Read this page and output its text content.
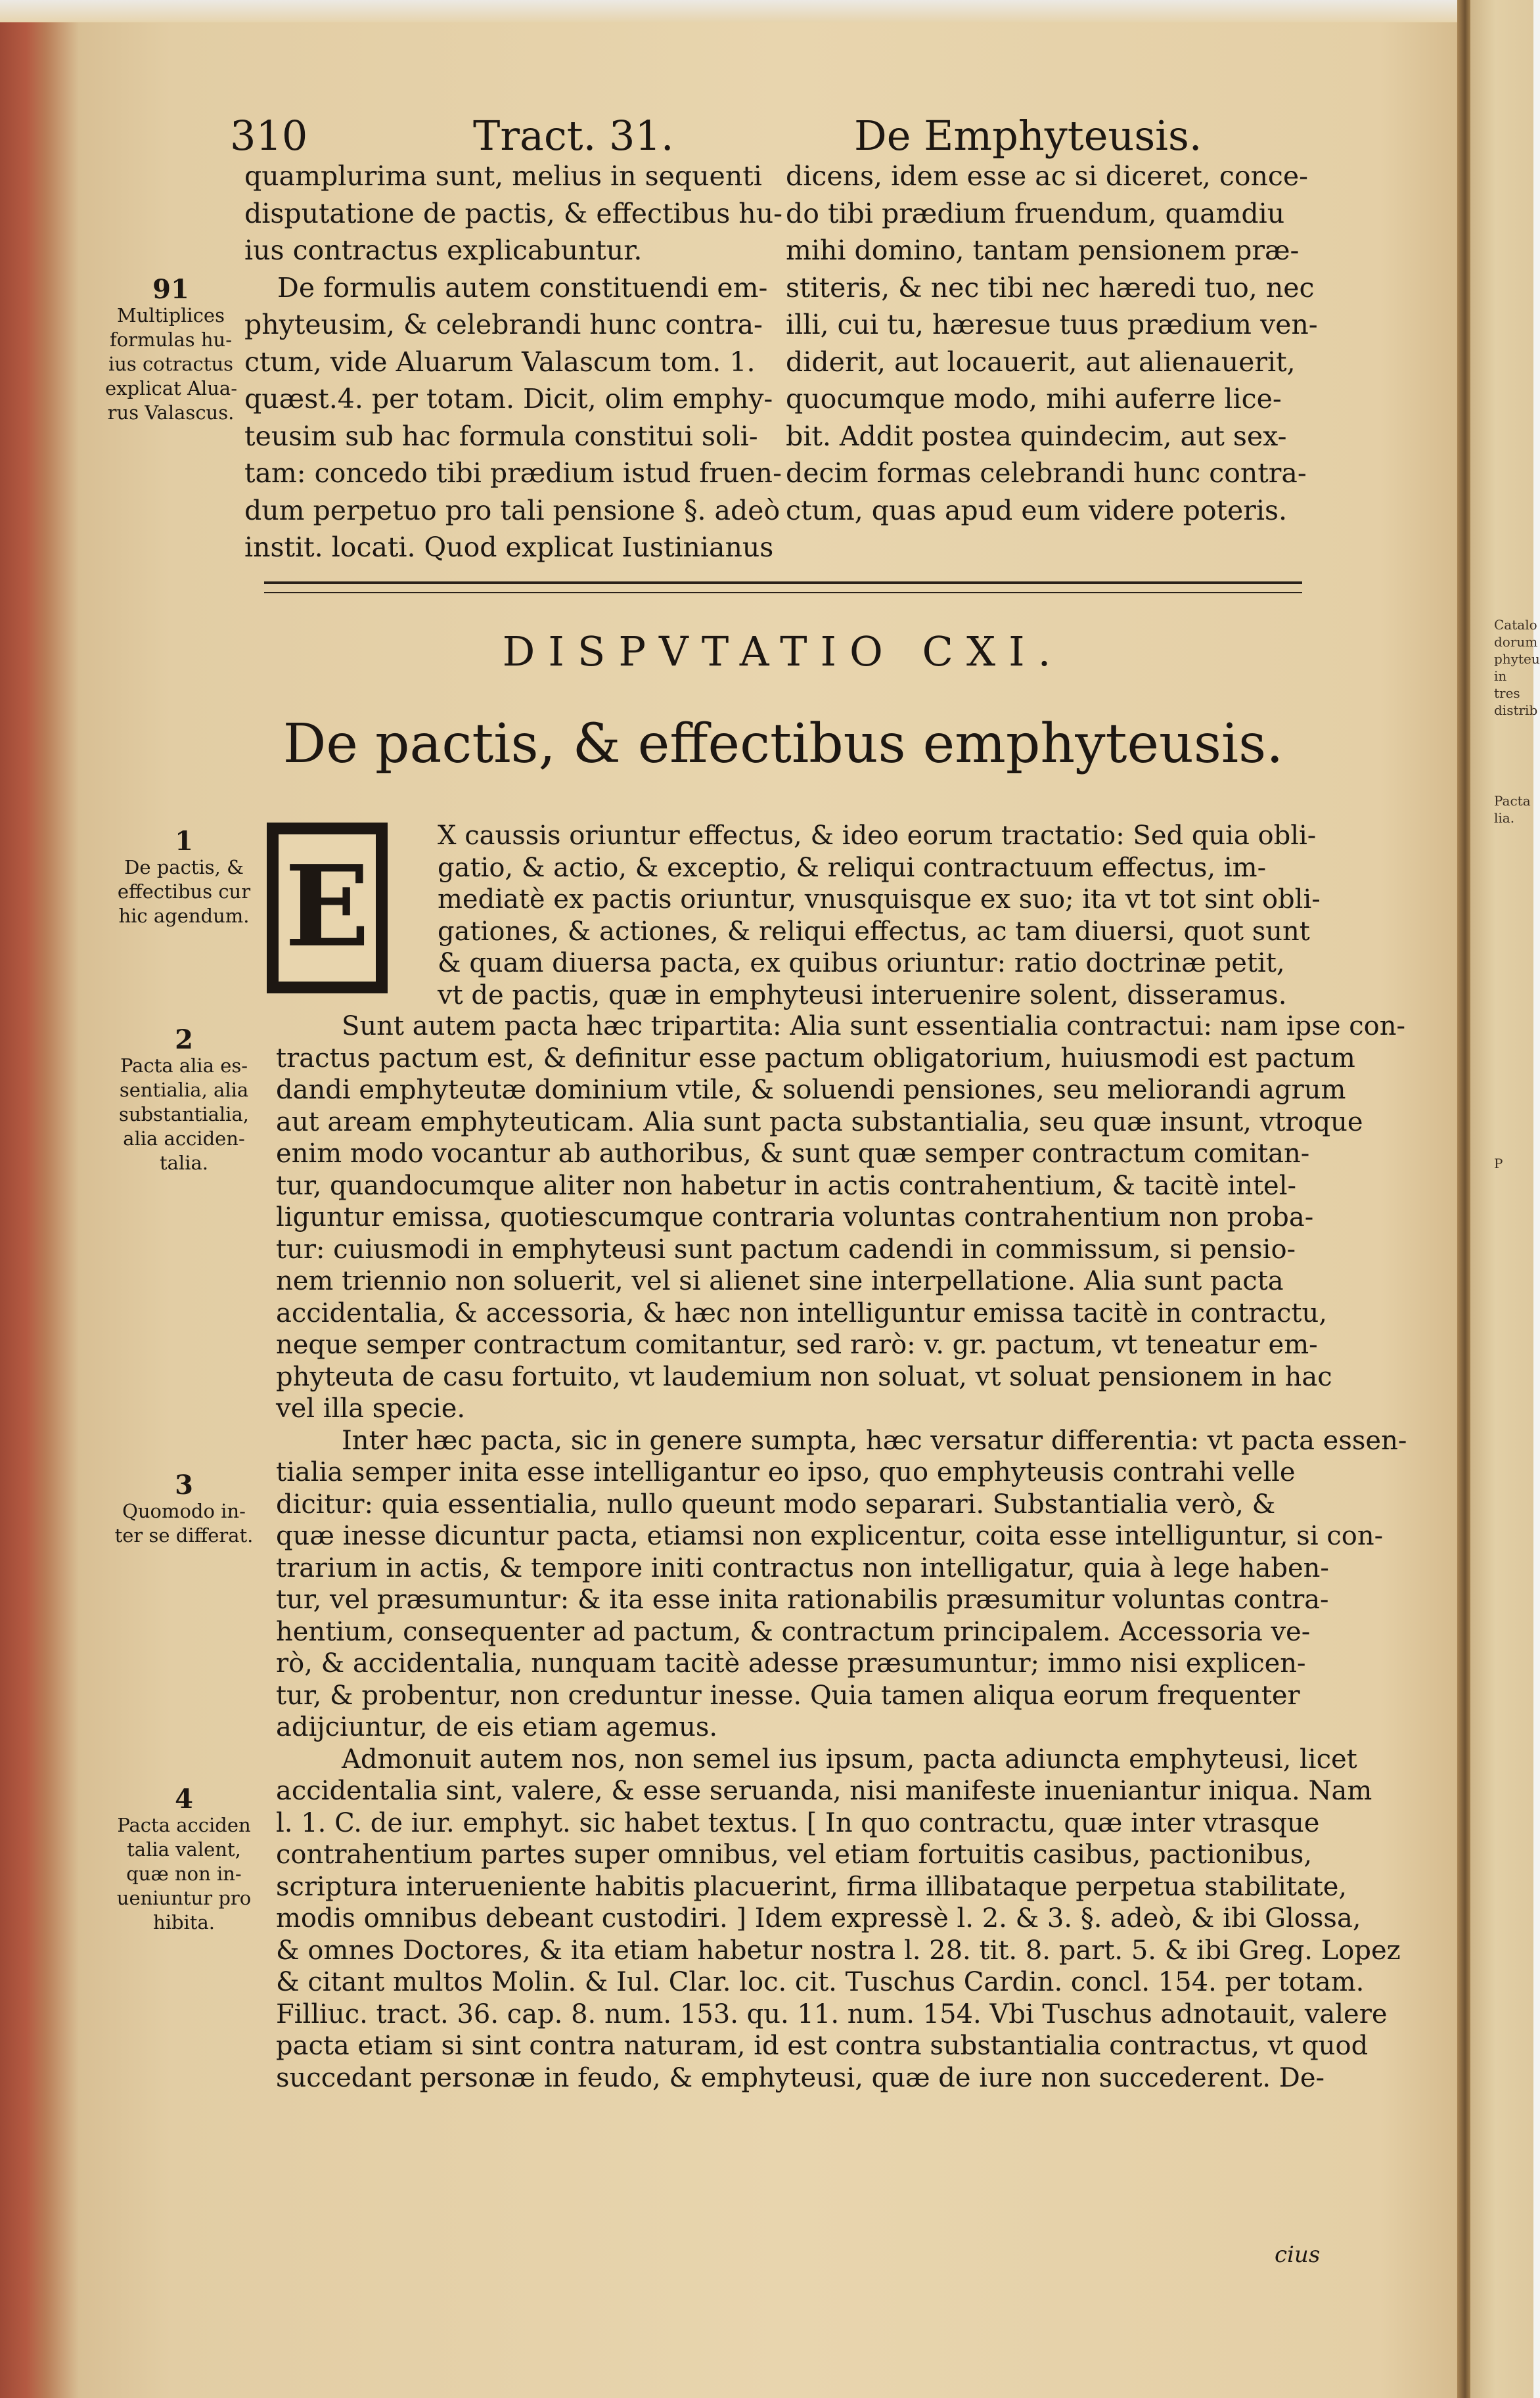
Catalo
dorum
phyteu
in tres
distrib
Pacta
lia.
P
310	Tract. 31.	De Emphyteusis.
quamplurima sunt, melius in sequenti
disputatione de pactis, & effectibus hu-
ius contractus explicabuntur.
De formulis autem constituendi em-
phyteusim, & celebrandi hunc contra-
ctum, vide Aluarum Valascum tom. 1.
quæst.4. per totam. Dicit, olim emphy-
teusim sub hac formula constitui soli-
tam: concedo tibi prædium istud fruen-
dum perpetuo pro tali pensione §. adeò
instit. locati. Quod explicat Iustinianus
dicens, idem esse ac si diceret, conce-
do tibi prædium fruendum, quamdiu
mihi domino, tantam pensionem præ-
stiteris, & nec tibi nec hæredi tuo, nec
illi, cui tu, hæresue tuus prædium ven-
diderit, aut locauerit, aut alienauerit,
quocumque modo, mihi auferre lice-
bit. Addit postea quindecim, aut sex-
decim formas celebrandi hunc contra-
ctum, quas apud eum videre poteris.
91
Multiplices
formulas hu-
ius cotractus
explicat Alua-
rus Valascus.
DISPVTATIO CXI.
De pactis, & effectibus emphyteusis.
1
De pactis, &
effectibus cur
hic agendum.
2
Pacta alia es-
sentialia, alia
substantialia,
alia acciden-
talia.
3
Quomodo in-
ter se differat.
4
Pacta acciden
talia valent,
quæ non in-
ueniuntur pro
hibita.
E
X caussis oriuntur effectus, & ideo eorum tractatio: Sed quia obli-
gatio, & actio, & exceptio, & reliqui contractuum effectus, im-
mediatè ex pactis oriuntur, vnusquisque ex suo; ita vt tot sint obli-
gationes, & actiones, & reliqui effectus, ac tam diuersi, quot sunt
& quam diuersa pacta, ex quibus oriuntur: ratio doctrinæ petit,
vt de pactis, quæ in emphyteusi interuenire solent, disseramus.
Sunt autem pacta hæc tripartita: Alia sunt essentialia contractui: nam ipse con-
tractus pactum est, & definitur esse pactum obligatorium, huiusmodi est pactum
dandi emphyteutæ dominium vtile, & soluendi pensiones, seu meliorandi agrum
aut aream emphyteuticam. Alia sunt pacta substantialia, seu quæ insunt, vtroque
enim modo vocantur ab authoribus, & sunt quæ semper contractum comitan-
tur, quandocumque aliter non habetur in actis contrahentium, & tacitè intel-
liguntur emissa, quotiescumque contraria voluntas contrahentium non proba-
tur: cuiusmodi in emphyteusi sunt pactum cadendi in commissum, si pensio-
nem triennio non soluerit, vel si alienet sine interpellatione. Alia sunt pacta
accidentalia, & accessoria, & hæc non intelliguntur emissa tacitè in contractu,
neque semper contractum comitantur, sed rarò: v. gr. pactum, vt teneatur em-
phyteuta de casu fortuito, vt laudemium non soluat, vt soluat pensionem in hac
vel illa specie.
Inter hæc pacta, sic in genere sumpta, hæc versatur differentia: vt pacta essen-
tialia semper inita esse intelligantur eo ipso, quo emphyteusis contrahi velle
dicitur: quia essentialia, nullo queunt modo separari. Substantialia verò, &
quæ inesse dicuntur pacta, etiamsi non explicentur, coita esse intelliguntur, si con-
trarium in actis, & tempore initi contractus non intelligatur, quia à lege haben-
tur, vel præsumuntur: & ita esse inita rationabilis præsumitur voluntas contra-
hentium, consequenter ad pactum, & contractum principalem. Accessoria ve-
rò, & accidentalia, nunquam tacitè adesse præsumuntur; immo nisi explicen-
tur, & probentur, non creduntur inesse. Quia tamen aliqua eorum frequenter
adijciuntur, de eis etiam agemus.
Admonuit autem nos, non semel ius ipsum, pacta adiuncta emphyteusi, licet
accidentalia sint, valere, & esse seruanda, nisi manifeste inueniantur iniqua. Nam
l. 1. C. de iur. emphyt. sic habet textus. [ In quo contractu, quæ inter vtrasque
contrahentium partes super omnibus, vel etiam fortuitis casibus, pactionibus,
scriptura interueniente habitis placuerint, firma illibataque perpetua stabilitate,
modis omnibus debeant custodiri. ] Idem expressè l. 2. & 3. §. adeò, & ibi Glossa,
& omnes Doctores, & ita etiam habetur nostra l. 28. tit. 8. part. 5. & ibi Greg. Lopez
& citant multos Molin. & Iul. Clar. loc. cit. Tuschus Cardin. concl. 154. per totam.
Filliuc. tract. 36. cap. 8. num. 153. qu. 11. num. 154. Vbi Tuschus adnotauit, valere
pacta etiam si sint contra naturam, id est contra substantialia contractus, vt quod
succedant personæ in feudo, & emphyteusi, quæ de iure non succederent. De-
cius
